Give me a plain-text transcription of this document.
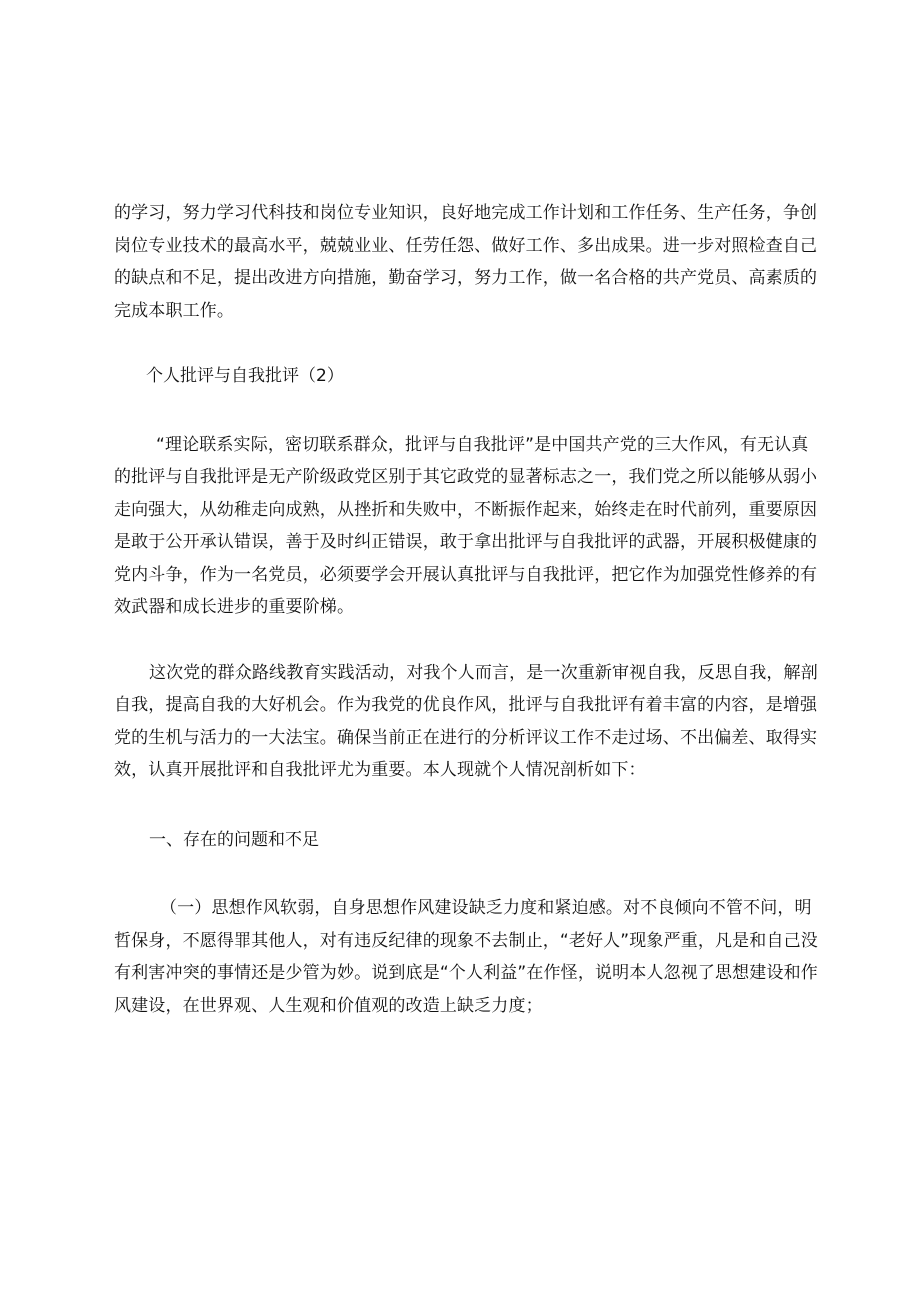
的学习，努力学习代科技和岗位专业知识，良好地完成工作计划和工作任务、生产任务，争创
岗位专业技术的最高水平，兢兢业业、任劳任怨、做好工作、多出成果。进一步对照检查自己
的缺点和不足，提出改进方向措施，勤奋学习，努力工作，做一名合格的共产党员、高素质的
完成本职工作。

个人批评与自我批评（2）

“理论联系实际，密切联系群众，批评与自我批评”是中国共产党的三大作风，有无认真
的批评与自我批评是无产阶级政党区别于其它政党的显著标志之一，我们党之所以能够从弱小
走向强大，从幼稚走向成熟，从挫折和失败中，不断振作起来，始终走在时代前列，重要原因
是敢于公开承认错误，善于及时纠正错误，敢于拿出批评与自我批评的武器，开展积极健康的
党内斗争，作为一名党员，必须要学会开展认真批评与自我批评，把它作为加强党性修养的有
效武器和成长进步的重要阶梯。

这次党的群众路线教育实践活动，对我个人而言，是一次重新审视自我，反思自我，解剖
自我，提高自我的大好机会。作为我党的优良作风，批评与自我批评有着丰富的内容，是增强
党的生机与活力的一大法宝。确保当前正在进行的分析评议工作不走过场、不出偏差、取得实
效，认真开展批评和自我批评尤为重要。本人现就个人情况剖析如下：

一、存在的问题和不足

（一）思想作风软弱，自身思想作风建设缺乏力度和紧迫感。对不良倾向不管不问，明
哲保身，不愿得罪其他人，对有违反纪律的现象不去制止，“老好人”现象严重，凡是和自己没
有利害冲突的事情还是少管为妙。说到底是“个人利益”在作怪，说明本人忽视了思想建设和作
风建设，在世界观、人生观和价值观的改造上缺乏力度；
